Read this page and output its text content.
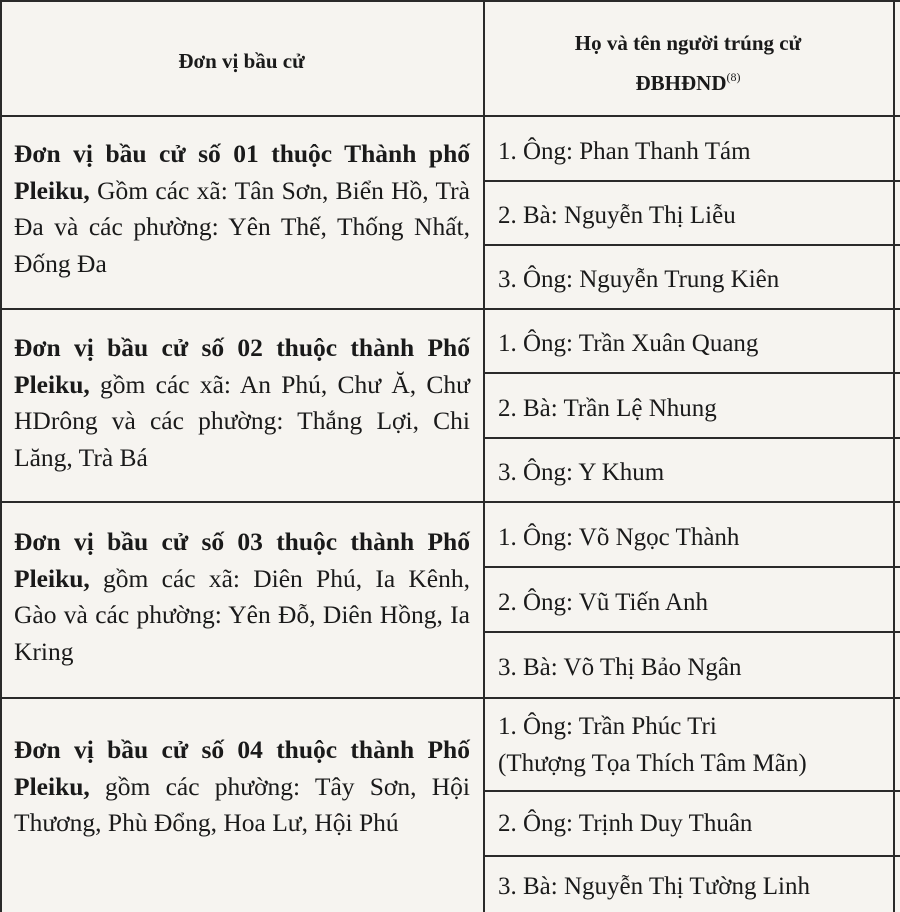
Đơn vị bầu cử
Họ và tên người trúng cử
ĐBHĐND$^{(8)}$
Đơn vị bầu cử số 01 thuộc Thành phố Pleiku, Gồm các xã: Tân Sơn, Biển Hồ, Trà Đa và các phường: Yên Thế, Thống Nhất, Đống Đa
1. Ông: Phan Thanh Tám
2. Bà: Nguyễn Thị Liễu
3. Ông: Nguyễn Trung Kiên
Đơn vị bầu cử số 02 thuộc thành Phố Pleiku, gồm các xã: An Phú, Chư Ă, Chư HDrông và các phường: Thắng Lợi, Chi Lăng, Trà Bá
1. Ông: Trần Xuân Quang
2. Bà: Trần Lệ Nhung
3. Ông: Y Khum
Đơn vị bầu cử số 03 thuộc thành Phố Pleiku, gồm các xã: Diên Phú, Ia Kênh, Gào và các phường: Yên Đỗ, Diên Hồng, Ia Kring
1. Ông: Võ Ngọc Thành
2. Ông: Vũ Tiến Anh
3. Bà: Võ Thị Bảo Ngân
Đơn vị bầu cử số 04 thuộc thành Phố Pleiku, gồm các phường: Tây Sơn, Hội Thương, Phù Đổng, Hoa Lư, Hội Phú
1. Ông: Trần Phúc Tri
(Thượng Tọa Thích Tâm Mãn)
2. Ông: Trịnh Duy Thuân
3. Bà: Nguyễn Thị Tường Linh
